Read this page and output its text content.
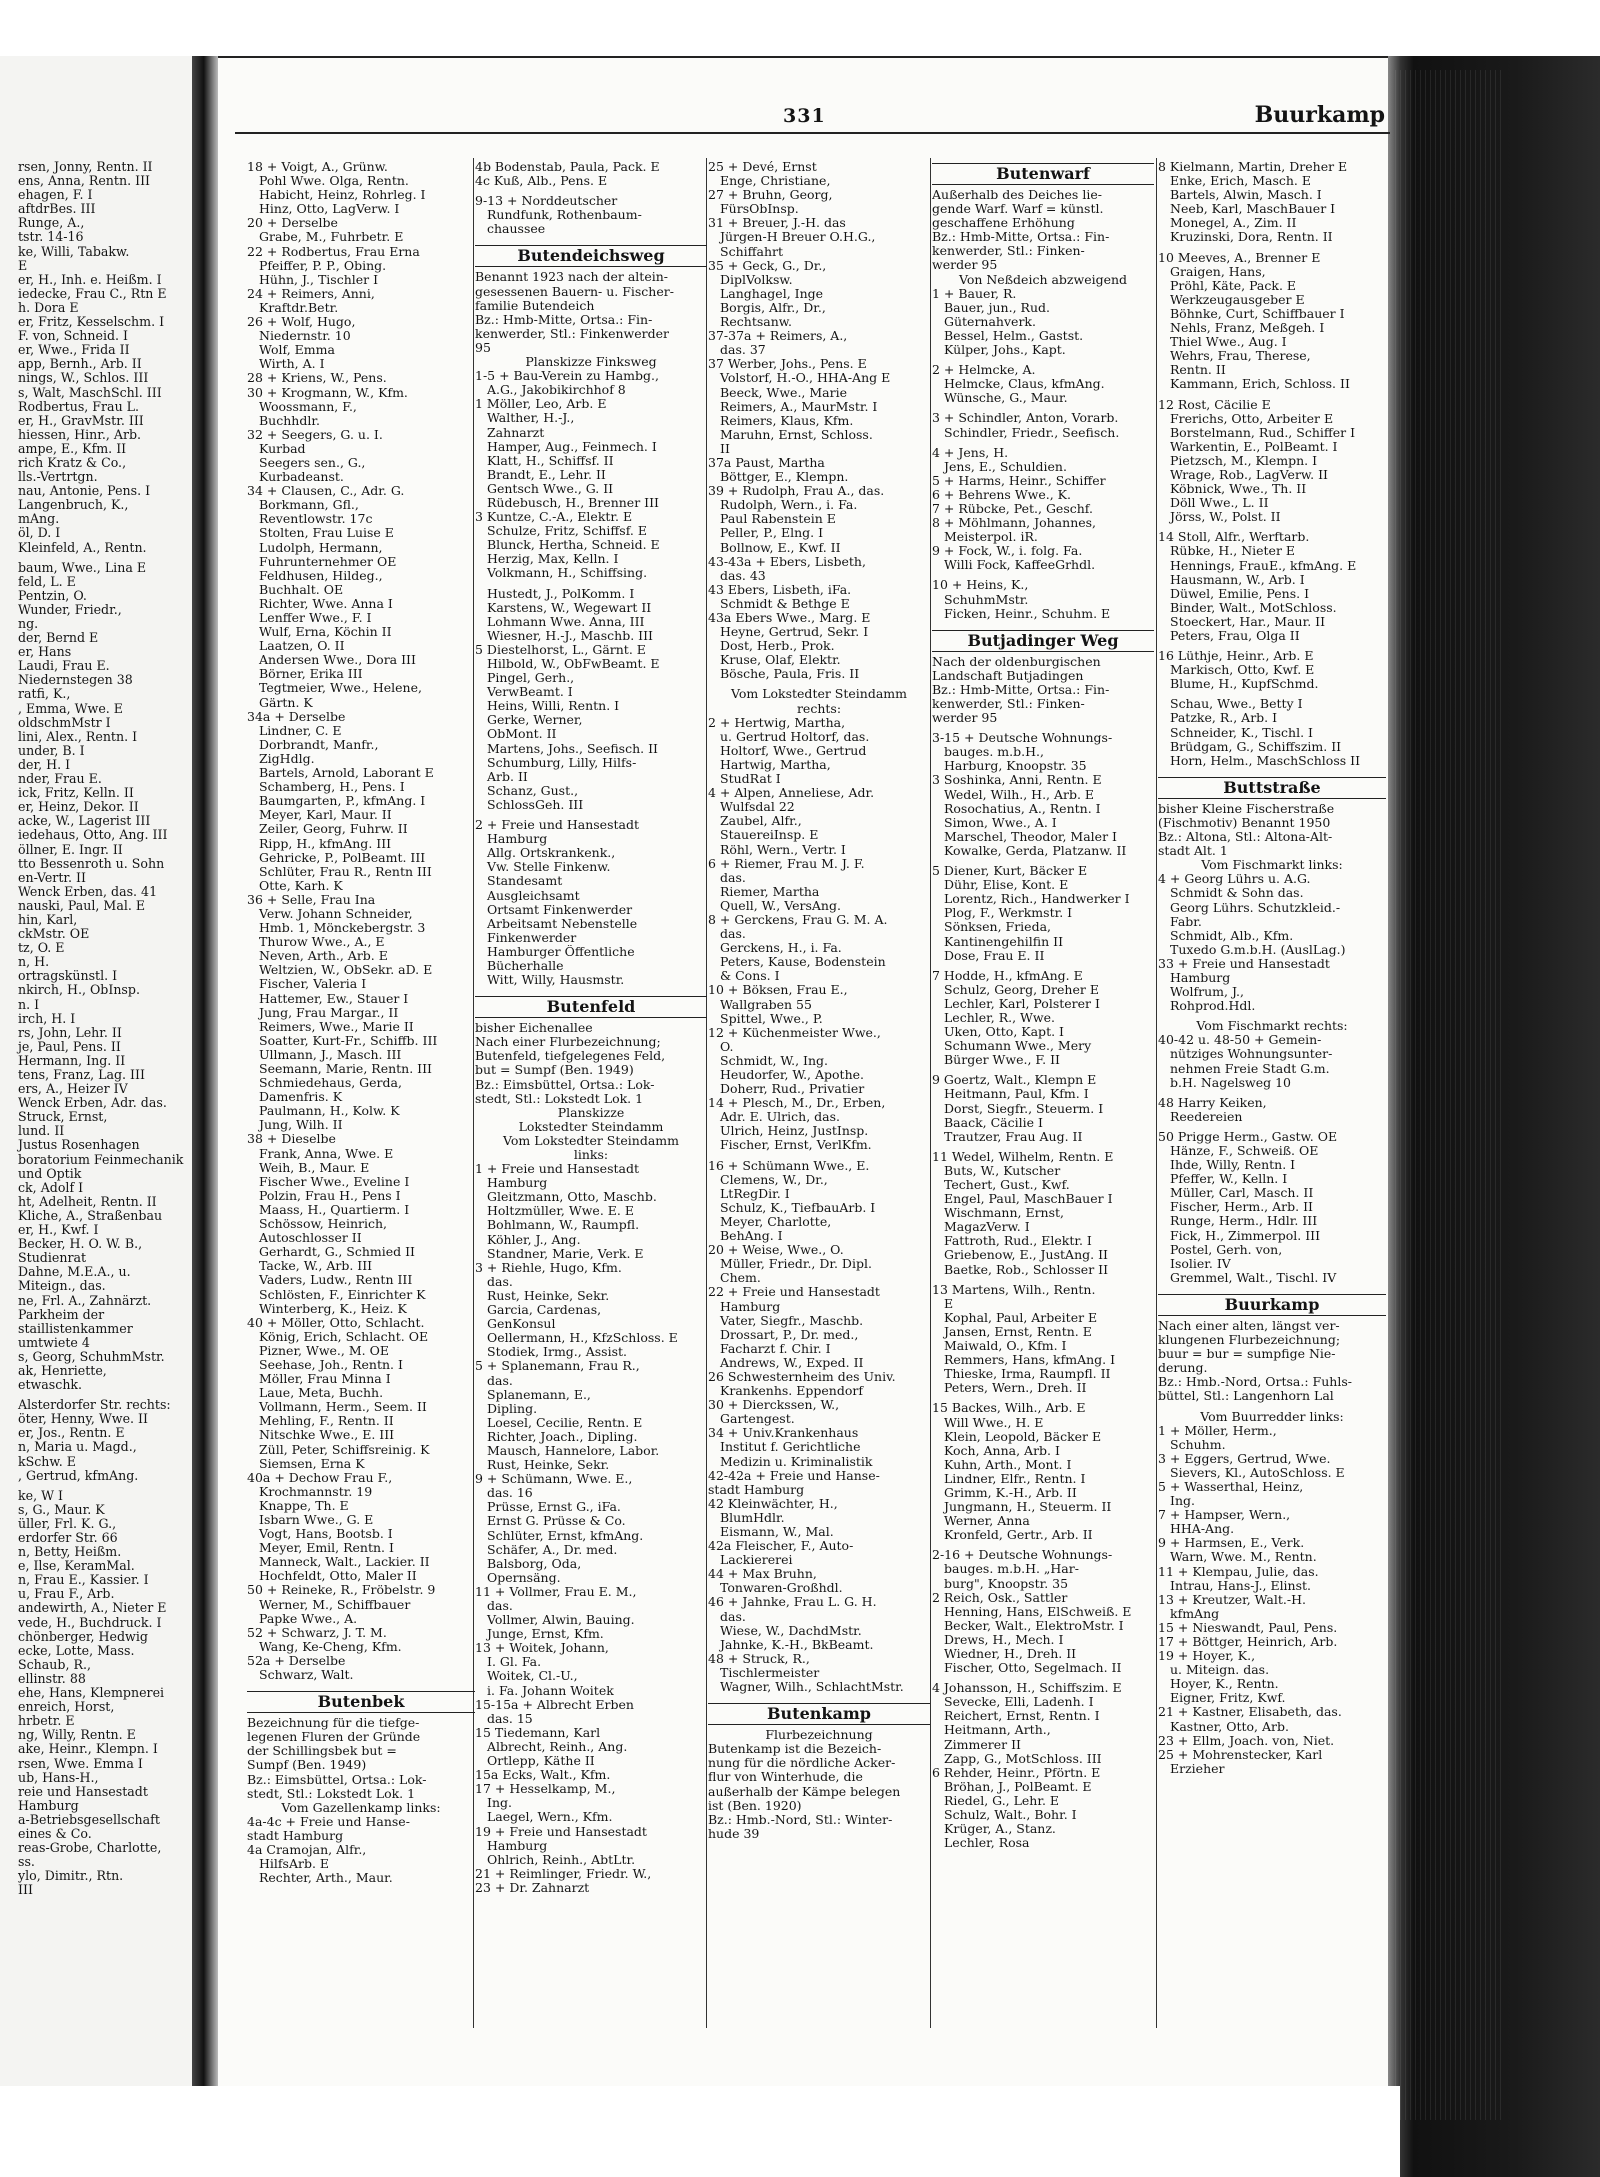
331	Buurkamp
rsen, Jonny, Rentn. II
ens, Anna, Rentn. III
ehagen, F. I
aftdrBes. III
Runge, A.,
tstr. 14-16
ke, Willi, Tabakw.
E
er, H., Inh. e. Heißm. I
iedecke, Frau C., Rtn E
h. Dora E
er, Fritz, Kesselschm. I
F. von, Schneid. I
er, Wwe., Frida II
app, Bernh., Arb. II
nings, W., Schlos. III
s, Walt, MaschSchl. III
Rodbertus, Frau L.
er, H., GravMstr. III
hiessen, Hinr., Arb.
ampe, E., Kfm. II
rich Kratz & Co.,
lls.-Vertrtgn.
nau, Antonie, Pens. I
Langenbruch, K.,
mAng.
öl, D. I
Kleinfeld, A., Rentn.

baum, Wwe., Lina E
feld, L. E
Pentzin, O.
Wunder, Friedr.,
ng.
der, Bernd E
er, Hans
Laudi, Frau E.
Niedernstegen 38
ratfi, K.,
, Emma, Wwe. E
oldschmMstr I
lini, Alex., Rentn. I
under, B. I
der, H. I
nder, Frau E.
ick, Fritz, Kelln. II
er, Heinz, Dekor. II
acke, W., Lagerist III
iedehaus, Otto, Ang. III
öllner, E. Ingr. II
tto Bessenroth u. Sohn
en-Vertr. II
Wenck Erben, das. 41
nauski, Paul, Mal. E
hin, Karl,
ckMstr. OE
tz, O. E
n, H.
ortragskünstl. I
nkirch, H., ObInsp.
n. I
irch, H. I
rs, John, Lehr. II
je, Paul, Pens. II
Hermann, Ing. II
tens, Franz, Lag. III
ers, A., Heizer IV
Wenck Erben, Adr. das.
Struck, Ernst,
lund. II
Justus Rosenhagen
boratorium Feinmechanik
und Optik
ck, Adolf I
ht, Adelheit, Rentn. II
Kliche, A., Straßenbau
er, H., Kwf. I
Becker, H. O. W. B.,
Studienrat
Dahne, M.E.A., u.
Miteign., das.
ne, Frl. A., Zahnärzt.
Parkheim der
staillistenkammer
umtwiete 4
s, Georg, SchuhmMstr.
ak, Henriette,
etwaschk.

Alsterdorfer Str. rechts:
öter, Henny, Wwe. II
er, Jos., Rentn. E
n, Maria u. Magd.,
kSchw. E
, Gertrud, kfmAng.

ke, W I
s, G., Maur. K
üller, Frl. K. G.,
erdorfer Str. 66
n, Betty, Heißm.
e, Ilse, KeramMal.
n, Frau E., Kassier. I
u, Frau F., Arb.
andewirth, A., Nieter E
vede, H., Buchdruck. I
chönberger, Hedwig
ecke, Lotte, Mass.
Schaub, R.,
ellinstr. 88
ehe, Hans, Klempnerei
enreich, Horst,
hrbetr. E
ng, Willy, Rentn. E
ake, Heinr., Klempn. I
rsen, Wwe. Emma I
ub, Hans-H.,
reie und Hansestadt
Hamburg
a-Betriebsgesellschaft
eines & Co.
reas-Grobe, Charlotte,
ss.
ylo, Dimitr., Rtn.
III
18 + Voigt, A., Grünw.
Pohl Wwe. Olga, Rentn.
Habicht, Heinz, Rohrleg. I
Hinz, Otto, LagVerw. I
20 + Derselbe
Grabe, M., Fuhrbetr. E
22 + Rodbertus, Frau Erna
Pfeiffer, P. P., Obing.
Hühn, J., Tischler I
24 + Reimers, Anni,
Kraftdr.Betr.
26 + Wolf, Hugo,
Niedernstr. 10
Wolf, Emma
Wirth, A. I
28 + Kriens, W., Pens.
30 + Krogmann, W., Kfm.
Woossmann, F.,
Buchhdlr.
32 + Seegers, G. u. I.
Kurbad
Seegers sen., G.,
Kurbadeanst.
34 + Clausen, C., Adr. G.
Borkmann, Gfl.,
Reventlowstr. 17c
Stolten, Frau Luise E
Ludolph, Hermann,
Fuhrunternehmer OE
Feldhusen, Hildeg.,
Buchhalt. OE
Richter, Wwe. Anna I
Lenffer Wwe., F. I
Wulf, Erna, Köchin II
Laatzen, O. II
Andersen Wwe., Dora III
Börner, Erika III
Tegtmeier, Wwe., Helene,
Gärtn. K
34a + Derselbe
Lindner, C. E
Dorbrandt, Manfr.,
ZigHdlg.
Bartels, Arnold, Laborant E
Schamberg, H., Pens. I
Baumgarten, P., kfmAng. I
Meyer, Karl, Maur. II
Zeiler, Georg, Fuhrw. II
Ripp, H., kfmAng. III
Gehricke, P., PolBeamt. III
Schlüter, Frau R., Rentn III
Otte, Karh. K
36 + Selle, Frau Ina
Verw. Johann Schneider,
Hmb. 1, Mönckebergstr. 3
Thurow Wwe., A., E
Neven, Arth., Arb. E
Weltzien, W., ObSekr. aD. E
Fischer, Valeria I
Hattemer, Ew., Stauer I
Jung, Frau Margar., II
Reimers, Wwe., Marie II
Soatter, Kurt-Fr., Schiffb. III
Ullmann, J., Masch. III
Seemann, Marie, Rentn. III
Schmiedehaus, Gerda,
Damenfris. K
Paulmann, H., Kolw. K
Jung, Wilh. II
38 + Dieselbe
Frank, Anna, Wwe. E
Weih, B., Maur. E
Fischer Wwe., Eveline I
Polzin, Frau H., Pens I
Maass, H., Quartierm. I
Schössow, Heinrich,
Autoschlosser II
Gerhardt, G., Schmied II
Tacke, W., Arb. III
Vaders, Ludw., Rentn III
Schlösten, F., Einrichter K
Winterberg, K., Heiz. K
40 + Möller, Otto, Schlacht.
König, Erich, Schlacht. OE
Pizner, Wwe., M. OE
Seehase, Joh., Rentn. I
Möller, Frau Minna I
Laue, Meta, Buchh.
Vollmann, Herm., Seem. II
Mehling, F., Rentn. II
Nitschke Wwe., E. III
Züll, Peter, Schiffsreinig. K
Siemsen, Erna K
40a + Dechow Frau F.,
Krochmannstr. 19
Knappe, Th. E
Isbarn Wwe., G. E
Vogt, Hans, Bootsb. I
Meyer, Emil, Rentn. I
Manneck, Walt., Lackier. II
Hochfeldt, Otto, Maler II
50 + Reineke, R., Fröbelstr. 9
Werner, M., Schiffbauer
Papke Wwe., A.
52 + Schwarz, J. T. M.
Wang, Ke-Cheng, Kfm.
52a + Derselbe
Schwarz, Walt.

Butenbek
Bezeichnung für die tiefge-
legenen Fluren der Gründe
der Schillingsbek but =
Sumpf (Ben. 1949)
Bz.: Eimsbüttel, Ortsa.: Lok-
stedt, Stl.: Lokstedt Lok. 1
Vom Gazellenkamp links:
4a-4c + Freie und Hanse-
stadt Hamburg
4a Cramojan, Alfr.,
HilfsArb. E
Rechter, Arth., Maur.
4b Bodenstab, Paula, Pack. E
4c Kuß, Alb., Pens. E

9-13 + Norddeutscher
Rundfunk, Rothenbaum-
chaussee

Butendeichsweg
Benannt 1923 nach der altein-
gesessenen Bauern- u. Fischer-
familie Butendeich
Bz.: Hmb-Mitte, Ortsa.: Fin-
kenwerder, Stl.: Finkenwerder
95
Planskizze Finksweg
1-5 + Bau-Verein zu Hambg.,
A.G., Jakobikirchhof 8
1 Möller, Leo, Arb. E
Walther, H.-J.,
Zahnarzt
Hamper, Aug., Feinmech. I
Klatt, H., Schiffsf. II
Brandt, E., Lehr. II
Gentsch Wwe., G. II
Rüdebusch, H., Brenner III
3 Kuntze, C.-A., Elektr. E
Schulze, Fritz, Schiffsf. E
Blunck, Hertha, Schneid. E
Herzig, Max, Kelln. I
Volkmann, H., Schiffsing.

Hustedt, J., PolKomm. I
Karstens, W., Wegewart II
Lohmann Wwe. Anna, III
Wiesner, H.-J., Maschb. III
5 Diestelhorst, L., Gärnt. E
Hilbold, W., ObFwBeamt. E
Pingel, Gerh.,
VerwBeamt. I
Heins, Willi, Rentn. I
Gerke, Werner,
ObMont. II
Martens, Johs., Seefisch. II
Schumburg, Lilly, Hilfs-
Arb. II
Schanz, Gust.,
SchlossGeh. III

2 + Freie und Hansestadt
Hamburg
Allg. Ortskrankenk.,
Vw. Stelle Finkenw.
Standesamt
Ausgleichsamt
Ortsamt Finkenwerder
Arbeitsamt Nebenstelle
Finkenwerder
Hamburger Öffentliche
Bücherhalle
Witt, Willy, Hausmstr.

Butenfeld
bisher Eichenallee
Nach einer Flurbezeichnung;
Butenfeld, tiefgelegenes Feld,
but = Sumpf (Ben. 1949)
Bz.: Eimsbüttel, Ortsa.: Lok-
stedt, Stl.: Lokstedt Lok. 1
Planskizze
Lokstedter Steindamm
Vom Lokstedter Steindamm
links:
1 + Freie und Hansestadt
Hamburg
Gleitzmann, Otto, Maschb.
Holtzmüller, Wwe. E. E
Bohlmann, W., Raumpfl.
Köhler, J., Ang.
Standner, Marie, Verk. E
3 + Riehle, Hugo, Kfm.
das.
Rust, Heinke, Sekr.
Garcia, Cardenas,
GenKonsul
Oellermann, H., KfzSchloss. E
Stodiek, Irmg., Assist.
5 + Splanemann, Frau R.,
das.
Splanemann, E.,
Dipling.
Loesel, Cecilie, Rentn. E
Richter, Joach., Dipling.
Mausch, Hannelore, Labor.
Rust, Heinke, Sekr.
9 + Schümann, Wwe. E.,
das. 16
Prüsse, Ernst G., iFa.
Ernst G. Prüsse & Co.
Schlüter, Ernst, kfmAng.
Schäfer, A., Dr. med.
Balsborg, Oda,
Opernsäng.
11 + Vollmer, Frau E. M.,
das.
Vollmer, Alwin, Bauing.
Junge, Ernst, Kfm.
13 + Woitek, Johann,
I. Gl. Fa.
Woitek, Cl.-U.,
i. Fa. Johann Woitek
15-15a + Albrecht Erben
das. 15
15 Tiedemann, Karl
Albrecht, Reinh., Ang.
Ortlepp, Käthe II
15a Ecks, Walt., Kfm.
17 + Hesselkamp, M.,
Ing.
Laegel, Wern., Kfm.
19 + Freie und Hansestadt
Hamburg
Ohlrich, Reinh., AbtLtr.
21 + Reimlinger, Friedr. W.,
23 + Dr. Zahnarzt
25 + Devé, Ernst
Enge, Christiane,
27 + Bruhn, Georg,
FürsObInsp.
31 + Breuer, J.-H. das
Jürgen-H Breuer O.H.G.,
Schiffahrt
35 + Geck, G., Dr.,
DiplVolksw.
Langhagel, Inge
Borgis, Alfr., Dr.,
Rechtsanw.
37-37a + Reimers, A.,
das. 37
37 Werber, Johs., Pens. E
Volstorf, H.-O., HHA-Ang E
Beeck, Wwe., Marie
Reimers, A., MaurMstr. I
Reimers, Klaus, Kfm.
Maruhn, Ernst, Schloss.
II
37a Paust, Martha
Böttger, E., Klempn.
39 + Rudolph, Frau A., das.
Rudolph, Wern., i. Fa.
Paul Rabenstein E
Peller, P., Elng. I
Bollnow, E., Kwf. II
43-43a + Ebers, Lisbeth,
das. 43
43 Ebers, Lisbeth, iFa.
Schmidt & Bethge E
43a Ebers Wwe., Marg. E
Heyne, Gertrud, Sekr. I
Dost, Herb., Prok.
Kruse, Olaf, Elektr.
Bösche, Paula, Fris. II

Vom Lokstedter Steindamm
rechts:
2 + Hertwig, Martha,
u. Gertrud Holtorf, das.
Holtorf, Wwe., Gertrud
Hartwig, Martha,
StudRat I
4 + Alpen, Anneliese, Adr.
Wulfsdal 22
Zaubel, Alfr.,
StauereiInsp. E
Röhl, Wern., Vertr. I
6 + Riemer, Frau M. J. F.
das.
Riemer, Martha
Quell, W., VersAng.
8 + Gerckens, Frau G. M. A.
das.
Gerckens, H., i. Fa.
Peters, Kause, Bodenstein
& Cons. I
10 + Böksen, Frau E.,
Wallgraben 55
Spittel, Wwe., P.
12 + Küchenmeister Wwe.,
O.
Schmidt, W., Ing.
Heudorfer, W., Apothe.
Doherr, Rud., Privatier
14 + Plesch, M., Dr., Erben,
Adr. E. Ulrich, das.
Ulrich, Heinz, JustInsp.
Fischer, Ernst, VerlKfm.

16 + Schümann Wwe., E.
Clemens, W., Dr.,
LtRegDir. I
Schulz, K., TiefbauArb. I
Meyer, Charlotte,
BehAng. I
20 + Weise, Wwe., O.
Müller, Friedr., Dr. Dipl.
Chem.
22 + Freie und Hansestadt
Hamburg
Vater, Siegfr., Maschb.
Drossart, P., Dr. med.,
Facharzt f. Chir. I
Andrews, W., Exped. II
26 Schwesternheim des Univ.
Krankenhs. Eppendorf
30 + Dierckssen, W.,
Gartengest.
34 + Univ.Krankenhaus
Institut f. Gerichtliche
Medizin u. Kriminalistik
42-42a + Freie und Hanse-
stadt Hamburg
42 Kleinwächter, H.,
BlumHdlr.
Eismann, W., Mal.
42a Fleischer, F., Auto-
Lackiererei
44 + Max Bruhn,
Tonwaren-Großhdl.
46 + Jahnke, Frau L. G. H.
das.
Wiese, W., DachdMstr.
Jahnke, K.-H., BkBeamt.
48 + Struck, R.,
Tischlermeister
Wagner, Wilh., SchlachtMstr.

Butenkamp
Flurbezeichnung
Butenkamp ist die Bezeich-
nung für die nördliche Acker-
flur von Winterhude, die
außerhalb der Kämpe belegen
ist (Ben. 1920)
Bz.: Hmb.-Nord, Stl.: Winter-
hude 39
Butenwarf
Außerhalb des Deiches lie-
gende Warf. Warf = künstl.
geschaffene Erhöhung
Bz.: Hmb-Mitte, Ortsa.: Fin-
kenwerder, Stl.: Finken-
werder 95
Von Neßdeich abzweigend
1 + Bauer, R.
Bauer, jun., Rud.
Güternahverk.
Bessel, Helm., Gastst.
Külper, Johs., Kapt.

2 + Helmcke, A.
Helmcke, Claus, kfmAng.
Wünsche, G., Maur.

3 + Schindler, Anton, Vorarb.
Schindler, Friedr., Seefisch.

4 + Jens, H.
Jens, E., Schuldien.
5 + Harms, Heinr., Schiffer
6 + Behrens Wwe., K.
7 + Rübcke, Pet., Geschf.
8 + Möhlmann, Johannes,
Meisterpol. iR.
9 + Fock, W., i. folg. Fa.
Willi Fock, KaffeeGrhdl.

10 + Heins, K.,
SchuhmMstr.
Ficken, Heinr., Schuhm. E

Butjadinger Weg
Nach der oldenburgischen
Landschaft Butjadingen
Bz.: Hmb-Mitte, Ortsa.: Fin-
kenwerder, Stl.: Finken-
werder 95

3-15 + Deutsche Wohnungs-
bauges. m.b.H.,
Harburg, Knoopstr. 35
3 Soshinka, Anni, Rentn. E
Wedel, Wilh., H., Arb. E
Rosochatius, A., Rentn. I
Simon, Wwe., A. I
Marschel, Theodor, Maler I
Kowalke, Gerda, Platzanw. II

5 Diener, Kurt, Bäcker E
Dühr, Elise, Kont. E
Lorentz, Rich., Handwerker I
Plog, F., Werkmstr. I
Sönksen, Frieda,
Kantinengehilfin II
Dose, Frau E. II

7 Hodde, H., kfmAng. E
Schulz, Georg, Dreher E
Lechler, Karl, Polsterer I
Lechler, R., Wwe.
Uken, Otto, Kapt. I
Schumann Wwe., Mery
Bürger Wwe., F. II

9 Goertz, Walt., Klempn E
Heitmann, Paul, Kfm. I
Dorst, Siegfr., Steuerm. I
Baack, Cäcilie I
Trautzer, Frau Aug. II

11 Wedel, Wilhelm, Rentn. E
Buts, W., Kutscher
Techert, Gust., Kwf.
Engel, Paul, MaschBauer I
Wischmann, Ernst,
MagazVerw. I
Fattroth, Rud., Elektr. I
Griebenow, E., JustAng. II
Baetke, Rob., Schlosser II

13 Martens, Wilh., Rentn.
E
Kophal, Paul, Arbeiter E
Jansen, Ernst, Rentn. E
Maiwald, O., Kfm. I
Remmers, Hans, kfmAng. I
Thieske, Irma, Raumpfl. II
Peters, Wern., Dreh. II

15 Backes, Wilh., Arb. E
Will Wwe., H. E
Klein, Leopold, Bäcker E
Koch, Anna, Arb. I
Kuhn, Arth., Mont. I
Lindner, Elfr., Rentn. I
Grimm, K.-H., Arb. II
Jungmann, H., Steuerm. II
Werner, Anna
Kronfeld, Gertr., Arb. II

2-16 + Deutsche Wohnungs-
bauges. m.b.H. „Har-
burg", Knoopstr. 35
2 Reich, Osk., Sattler
Henning, Hans, ElSchweiß. E
Becker, Walt., ElektroMstr. I
Drews, H., Mech. I
Wiedner, H., Dreh. II
Fischer, Otto, Segelmach. II

4 Johansson, H., Schiffszim. E
Sevecke, Elli, Ladenh. I
Reichert, Ernst, Rentn. I
Heitmann, Arth.,
Zimmerer II
Zapp, G., MotSchloss. III
6 Rehder, Heinr., Pförtn. E
Bröhan, J., PolBeamt. E
Riedel, G., Lehr. E
Schulz, Walt., Bohr. I
Krüger, A., Stanz.
Lechler, Rosa
8 Kielmann, Martin, Dreher E
Enke, Erich, Masch. E
Bartels, Alwin, Masch. I
Neeb, Karl, MaschBauer I
Monegel, A., Zim. II
Kruzinski, Dora, Rentn. II

10 Meeves, A., Brenner E
Graigen, Hans,
Pröhl, Käte, Pack. E
Werkzeugausgeber E
Böhnke, Curt, Schiffbauer I
Nehls, Franz, Meßgeh. I
Thiel Wwe., Aug. I
Wehrs, Frau, Therese,
Rentn. II
Kammann, Erich, Schloss. II

12 Rost, Cäcilie E
Frerichs, Otto, Arbeiter E
Borstelmann, Rud., Schiffer I
Warkentin, E., PolBeamt. I
Pietzsch, M., Klempn. I
Wrage, Rob., LagVerw. II
Köbnick, Wwe., Th. II
Döll Wwe., L. II
Jörss, W., Polst. II

14 Stoll, Alfr., Werftarb.
Rübke, H., Nieter E
Hennings, FrauE., kfmAng. E
Hausmann, W., Arb. I
Düwel, Emilie, Pens. I
Binder, Walt., MotSchloss.
Stoeckert, Har., Maur. II
Peters, Frau, Olga II

16 Lüthje, Heinr., Arb. E
Markisch, Otto, Kwf. E
Blume, H., KupfSchmd.

Schau, Wwe., Betty I
Patzke, R., Arb. I
Schneider, K., Tischl. I
Brüdgam, G., Schiffszim. II
Horn, Helm., MaschSchloss II

Buttstraße
bisher Kleine Fischerstraße
(Fischmotiv) Benannt 1950
Bz.: Altona, Stl.: Altona-Alt-
stadt Alt. 1
Vom Fischmarkt links:
4 + Georg Lührs u. A.G.
Schmidt & Sohn das.
Georg Lührs. Schutzkleid.-
Fabr.
Schmidt, Alb., Kfm.
Tuxedo G.m.b.H. (AuslLag.)
33 + Freie und Hansestadt
Hamburg
Wolfrum, J.,
Rohprod.Hdl.

Vom Fischmarkt rechts:
40-42 u. 48-50 + Gemein-
nütziges Wohnungsunter-
nehmen Freie Stadt G.m.
b.H. Nagelsweg 10

48 Harry Keiken,
Reedereien

50 Prigge Herm., Gastw. OE
Hänze, F., Schweiß. OE
Ihde, Willy, Rentn. I
Pfeffer, W., Kelln. I
Müller, Carl, Masch. II
Fischer, Herm., Arb. II
Runge, Herm., Hdlr. III
Fick, H., Zimmerpol. III
Postel, Gerh. von,
Isolier. IV
Gremmel, Walt., Tischl. IV

Buurkamp
Nach einer alten, längst ver-
klungenen Flurbezeichnung;
buur = bur = sumpfige Nie-
derung.
Bz.: Hmb.-Nord, Ortsa.: Fuhls-
büttel, Stl.: Langenhorn Lal

Vom Buurredder links:
1 + Möller, Herm.,
Schuhm.
3 + Eggers, Gertrud, Wwe.
Sievers, Kl., AutoSchloss. E
5 + Wasserthal, Heinz,
Ing.
7 + Hampser, Wern.,
HHA-Ang.
9 + Harmsen, E., Verk.
Warn, Wwe. M., Rentn.
11 + Klempau, Julie, das.
Intrau, Hans-J., Elinst.
13 + Kreutzer, Walt.-H.
kfmAng
15 + Nieswandt, Paul, Pens.
17 + Böttger, Heinrich, Arb.
19 + Hoyer, K.,
u. Miteign. das.
Hoyer, K., Rentn.
Eigner, Fritz, Kwf.
21 + Kastner, Elisabeth, das.
Kastner, Otto, Arb.
23 + Ellm, Joach. von, Niet.
25 + Mohrenstecker, Karl
Erzieher
